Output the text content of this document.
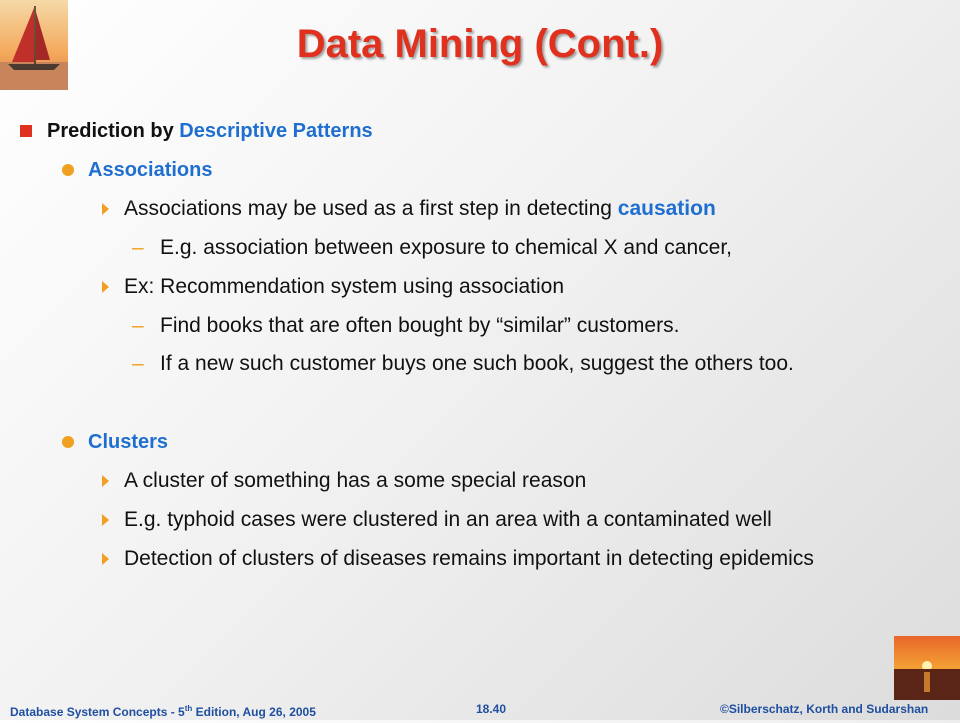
Data Mining (Cont.)
Prediction by Descriptive Patterns
Associations
Associations may be used as a first step in detecting causation
– E.g. association between exposure to chemical X and cancer,
Ex: Recommendation system using association
– Find books that are often bought by “similar” customers.
– If a new such customer buys one such book, suggest the others too.
Clusters
A cluster of something has a some special reason
E.g. typhoid cases were clustered in an area with a contaminated well
Detection of clusters of diseases remains important in detecting epidemics
Database System Concepts - 5th Edition, Aug 26, 2005	18.40	©Silberschatz, Korth and Sudarshan
